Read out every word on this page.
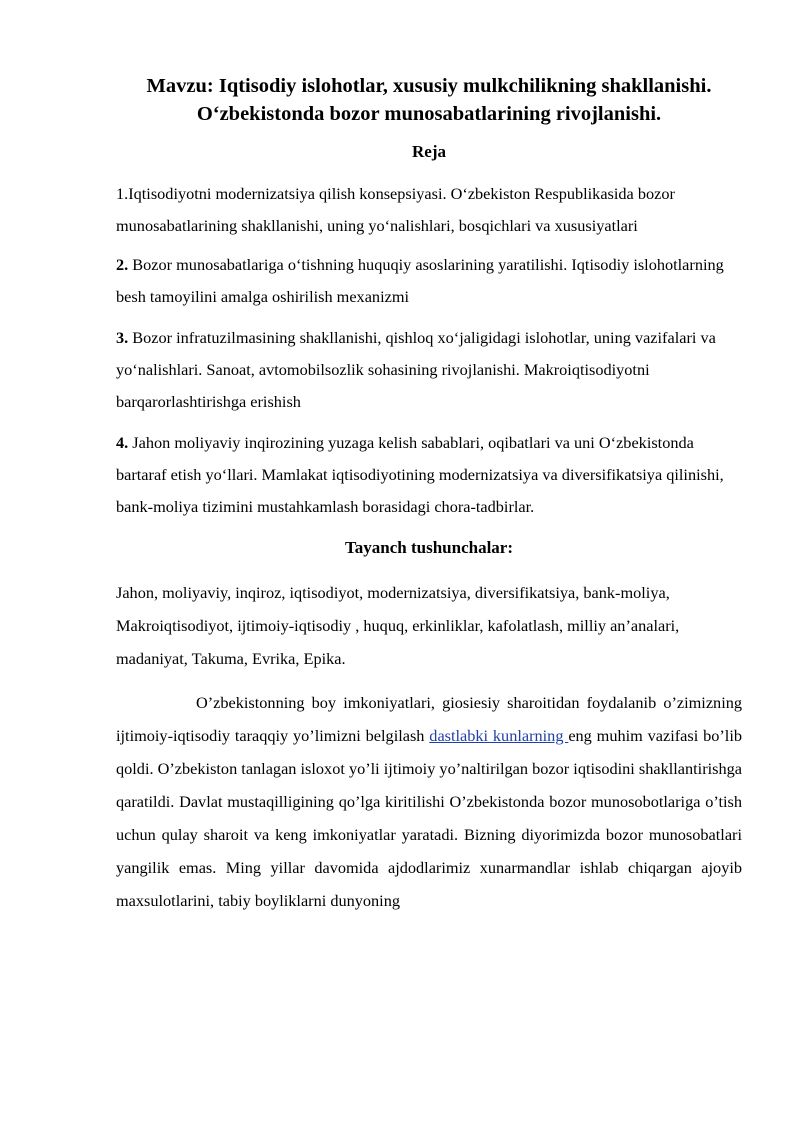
Mavzu: Iqtisodiy islohotlar, xususiy mulkchilikning shakllanishi.
O‘zbekistonda bozor munosabatlarining rivojlanishi.

Reja

1.Iqtisodiyotni modernizatsiya qilish konsepsiyasi. O‘zbekiston Respublikasida bozor munosabatlarining shakllanishi, uning yo‘nalishlari, bosqichlari va xususiyatlari

2. Bozor munosabatlariga o‘tishning huquqiy asoslarining yaratilishi. Iqtisodiy islohotlarning besh tamoyilini amalga oshirilish mexanizmi

3. Bozor infratuzilmasining shakllanishi, qishloq xo‘jaligidagi islohotlar, uning vazifalari va yo‘nalishlari. Sanoat, avtomobilsozlik sohasining rivojlanishi. Makroiqtisodiyotni barqarorlashtirishga erishish

4. Jahon moliyaviy inqirozining yuzaga kelish sabablari, oqibatlari va uni O‘zbekistonda bartaraf etish yo‘llari. Mamlakat iqtisodiyotining modernizatsiya va diversifikatsiya qilinishi, bank-moliya tizimini mustahkamlash borasidagi chora-tadbirlar.

Tayanch tushunchalar:

Jahon, moliyaviy, inqiroz, iqtisodiyot, modernizatsiya, diversifikatsiya, bank-moliya, Makroiqtisodiyot, ijtimoiy-iqtisodiy , huquq, erkinliklar, kafolatlash, milliy an’analari, madaniyat, Takuma, Evrika, Epika.

O’zbekistonning boy imkoniyatlari, giosiesiy sharoitidan foydalanib o’zimizning ijtimoiy-iqtisodiy taraqqiy yo’limizni belgilash dastlabki kunlarning eng muhim vazifasi bo’lib qoldi. O’zbekiston tanlagan isloxot yo’li ijtimoiy yo’naltirilgan bozor iqtisodini shakllantirishga qaratildi. Davlat mustaqilligining qo’lga kiritilishi O’zbekistonda bozor munosobotlariga o’tish uchun qulay sharoit va keng imkoniyatlar yaratadi. Bizning diyorimizda bozor munosobatlari yangilik emas. Ming yillar davomida ajdodlarimiz xunarmandlar ishlab chiqargan ajoyib maxsulotlarini, tabiy boyliklarni dunyoning
